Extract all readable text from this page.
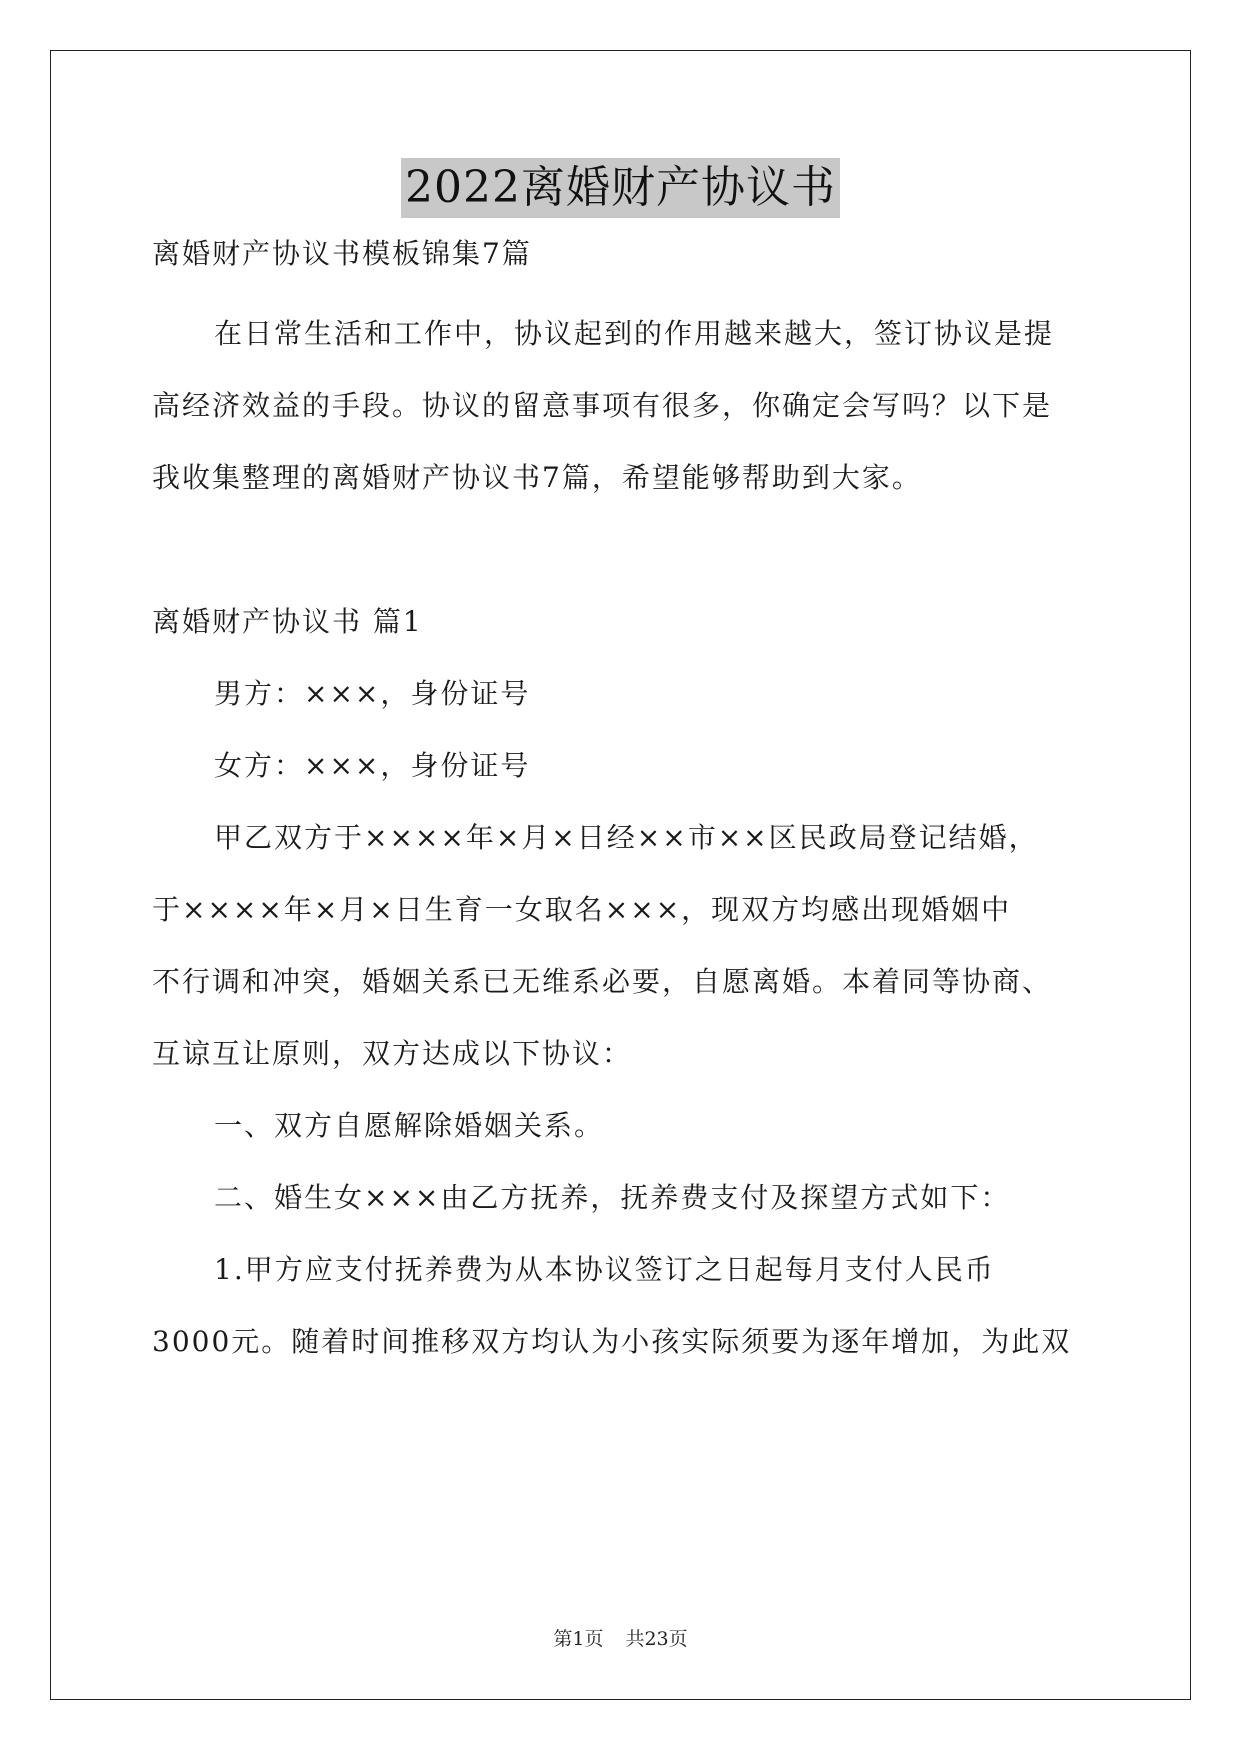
2022离婚财产协议书
离婚财产协议书模板锦集7篇
在日常生活和工作中，协议起到的作用越来越大，签订协议是提
高经济效益的手段。协议的留意事项有很多，你确定会写吗？以下是
我收集整理的离婚财产协议书7篇，希望能够帮助到大家。
离婚财产协议书 篇1
男方：×××，身份证号
女方：×××，身份证号
甲乙双方于××××年×月×日经××市××区民政局登记结婚，
于××××年×月×日生育一女取名×××，现双方均感出现婚姻中
不行调和冲突，婚姻关系已无维系必要，自愿离婚。本着同等协商、
互谅互让原则，双方达成以下协议：
一、双方自愿解除婚姻关系。
二、婚生女×××由乙方抚养，抚养费支付及探望方式如下：
1.甲方应支付抚养费为从本协议签订之日起每月支付人民币
3000元。随着时间推移双方均认为小孩实际须要为逐年增加，为此双
第1页 共23页
